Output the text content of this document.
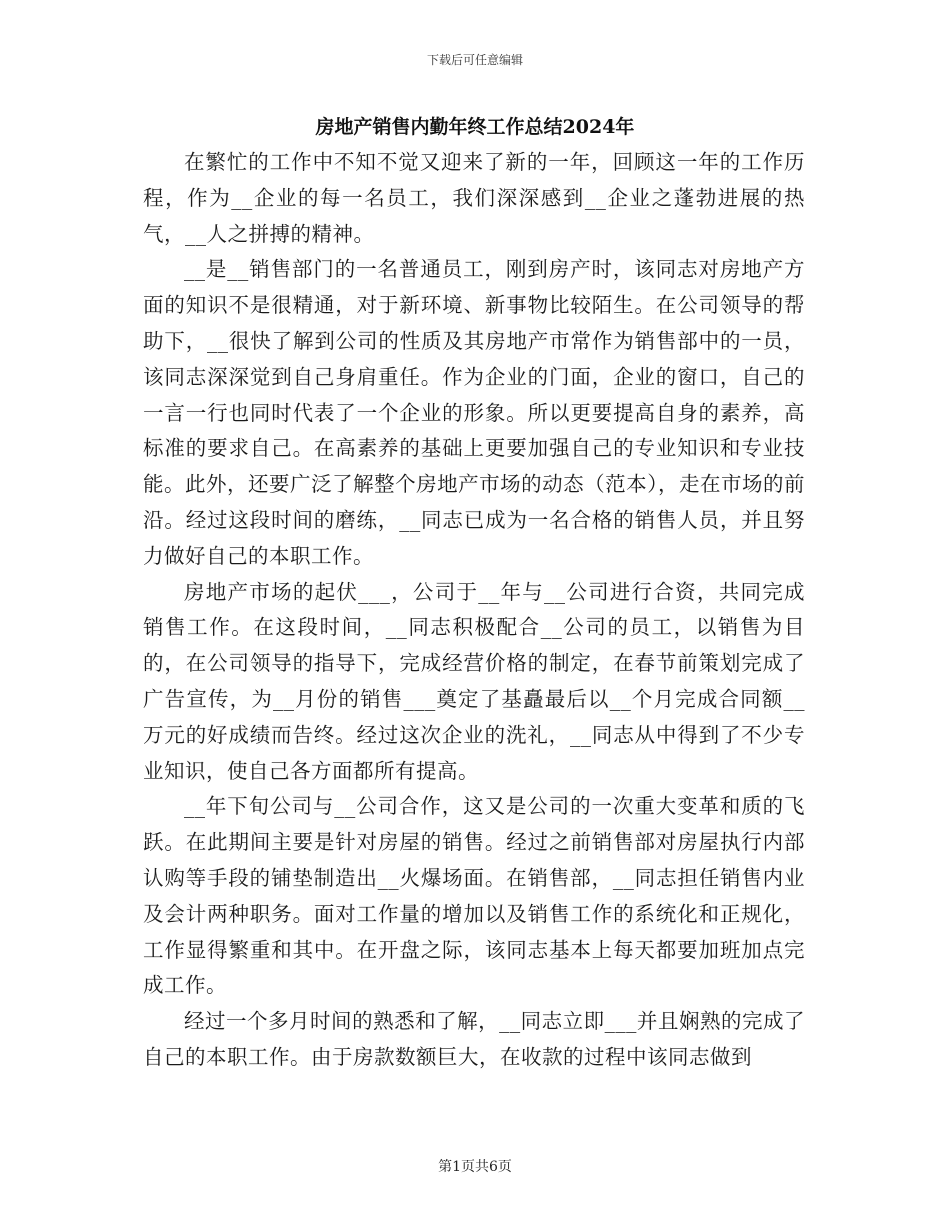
下载后可任意编辑
房地产销售内勤年终工作总结2024年

在繁忙的工作中不知不觉又迎来了新的一年，回顾这一年的工作历程，作为__企业的每一名员工，我们深深感到__企业之蓬勃进展的热气，__人之拼搏的精神。

__是__销售部门的一名普通员工，刚到房产时，该同志对房地产方面的知识不是很精通，对于新环境、新事物比较陌生。在公司领导的帮助下，__很快了解到公司的性质及其房地产市常作为销售部中的一员，该同志深深觉到自己身肩重任。作为企业的门面，企业的窗口，自己的一言一行也同时代表了一个企业的形象。所以更要提高自身的素养，高标准的要求自己。在高素养的基础上更要加强自己的专业知识和专业技能。此外，还要广泛了解整个房地产市场的动态（范本），走在市场的前沿。经过这段时间的磨练，__同志已成为一名合格的销售人员，并且努力做好自己的本职工作。

房地产市场的起伏___，公司于__年与__公司进行合资，共同完成销售工作。在这段时间，__同志积极配合__公司的员工，以销售为目的，在公司领导的指导下，完成经营价格的制定，在春节前策划完成了广告宣传，为__月份的销售___奠定了基矗最后以__个月完成合同额__万元的好成绩而告终。经过这次企业的洗礼，__同志从中得到了不少专业知识，使自己各方面都所有提高。

__年下旬公司与__公司合作，这又是公司的一次重大变革和质的飞跃。在此期间主要是针对房屋的销售。经过之前销售部对房屋执行内部认购等手段的铺垫制造出__火爆场面。在销售部，__同志担任销售内业及会计两种职务。面对工作量的增加以及销售工作的系统化和正规化，工作显得繁重和其中。在开盘之际，该同志基本上每天都要加班加点完成工作。

经过一个多月时间的熟悉和了解，__同志立即___并且娴熟的完成了自己的本职工作。由于房款数额巨大，在收款的过程中该同志做到

第1页共6页
